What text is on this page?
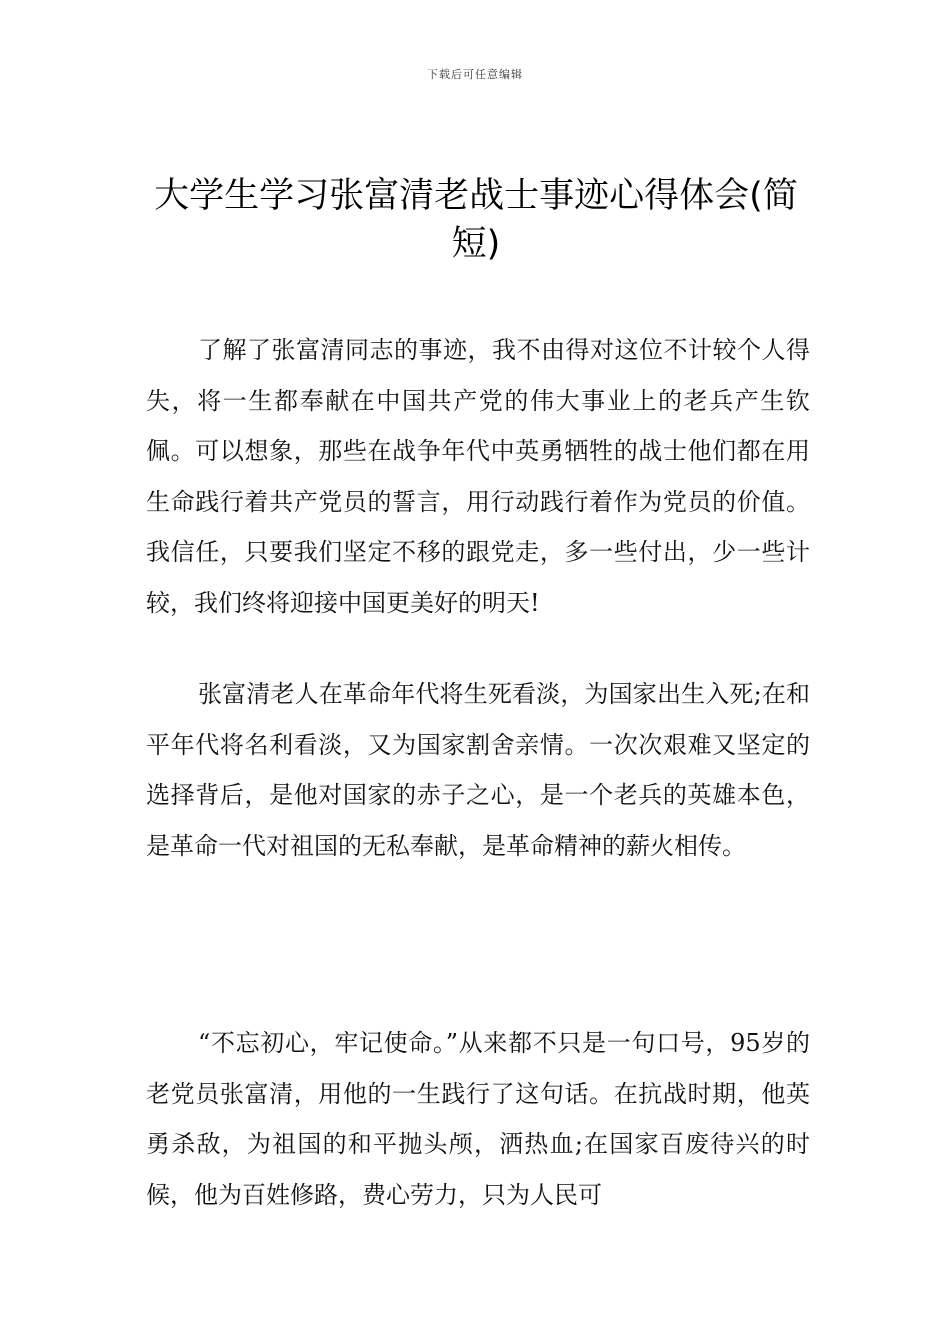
下载后可任意编辑
大学生学习张富清老战士事迹心得体会(简短)

了解了张富清同志的事迹，我不由得对这位不计较个人得失，将一生都奉献在中国共产党的伟大事业上的老兵产生钦佩。可以想象，那些在战争年代中英勇牺牲的战士他们都在用生命践行着共产党员的誓言，用行动践行着作为党员的价值。我信任，只要我们坚定不移的跟党走，多一些付出，少一些计较，我们终将迎接中国更美好的明天!

张富清老人在革命年代将生死看淡，为国家出生入死;在和平年代将名利看淡，又为国家割舍亲情。一次次艰难又坚定的选择背后，是他对国家的赤子之心，是一个老兵的英雄本色，是革命一代对祖国的无私奉献，是革命精神的薪火相传。

“不忘初心，牢记使命。”从来都不只是一句口号，95岁的老党员张富清，用他的一生践行了这句话。在抗战时期，他英勇杀敌，为祖国的和平抛头颅，洒热血;在国家百废待兴的时候，他为百姓修路，费心劳力，只为人民可
